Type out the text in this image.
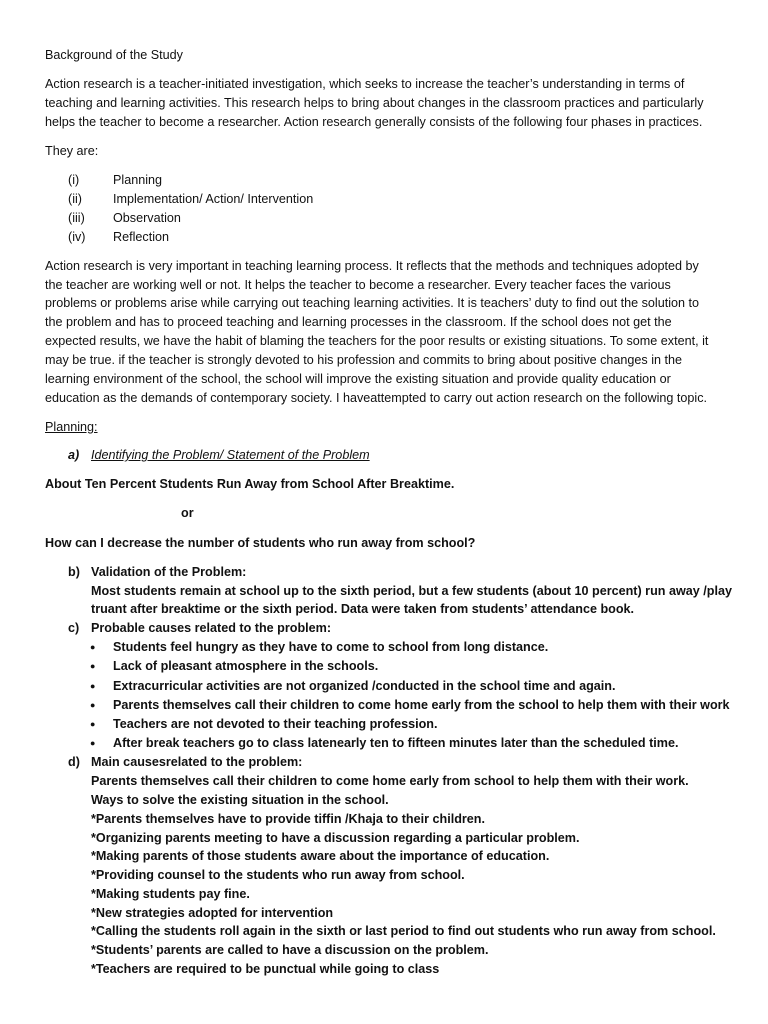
Background of the Study
Action research is a teacher-initiated investigation, which seeks to increase the teacher’s understanding in terms of
teaching and learning activities. This research helps to bring about changes in the classroom practices and particularly
helps the teacher to become a researcher. Action research generally consists of the following four phases in practices.
They are:
(i)	Planning
(ii) Implementation/ Action/ Intervention
(iii) Observation
(iv) Reflection
Action research is very important in teaching learning process. It reflects that the methods and techniques adopted by
the teacher are working well or not. It helps the teacher to become a researcher. Every teacher faces the various
problems or problems arise while carrying out teaching learning activities. It is teachers’ duty to find out the solution to
the problem and has to proceed teaching and learning processes in the classroom. If the school does not get the
expected results, we have the habit of blaming the teachers for the poor results or existing situations. To some extent, it
may be true. if the teacher is strongly devoted to his profession and commits to bring about positive changes in the
learning environment of the school, the school will improve the existing situation and provide quality education or
education as the demands of contemporary society. I haveattempted to carry out action research on the following topic.
Planning:
a) Identifying the Problem/ Statement of the Problem
About Ten Percent Students Run Away from School After Breaktime.
or
How can I decrease the number of students who run away from school?
b) Validation of the Problem:
Most students remain at school up to the sixth period, but a few students (about 10 percent) run away /play
truant after breaktime or the sixth period. Data were taken from students’ attendance book.
c) Probable causes related to the problem:
● Students feel hungry as they have to come to school from long distance.
● Lack of pleasant atmosphere in the schools.
● Extracurricular activities are not organized /conducted in the school time and again.
● Parents themselves call their children to come home early from the school to help them with their work
● Teachers are not devoted to their teaching profession.
● After break teachers go to class latenearly ten to fifteen minutes later than the scheduled time.
d) Main causesrelated to the problem:
Parents themselves call their children to come home early from school to help them with their work.
Ways to solve the existing situation in the school.
*Parents themselves have to provide tiffin /Khaja to their children.
*Organizing parents meeting to have a discussion regarding a particular problem.
*Making parents of those students aware about the importance of education.
*Providing counsel to the students who run away from school.
*Making students pay fine.
*New strategies adopted for intervention
*Calling the students roll again in the sixth or last period to find out students who run away from school.
*Students’ parents are called to have a discussion on the problem.
*Teachers are required to be punctual while going to class
